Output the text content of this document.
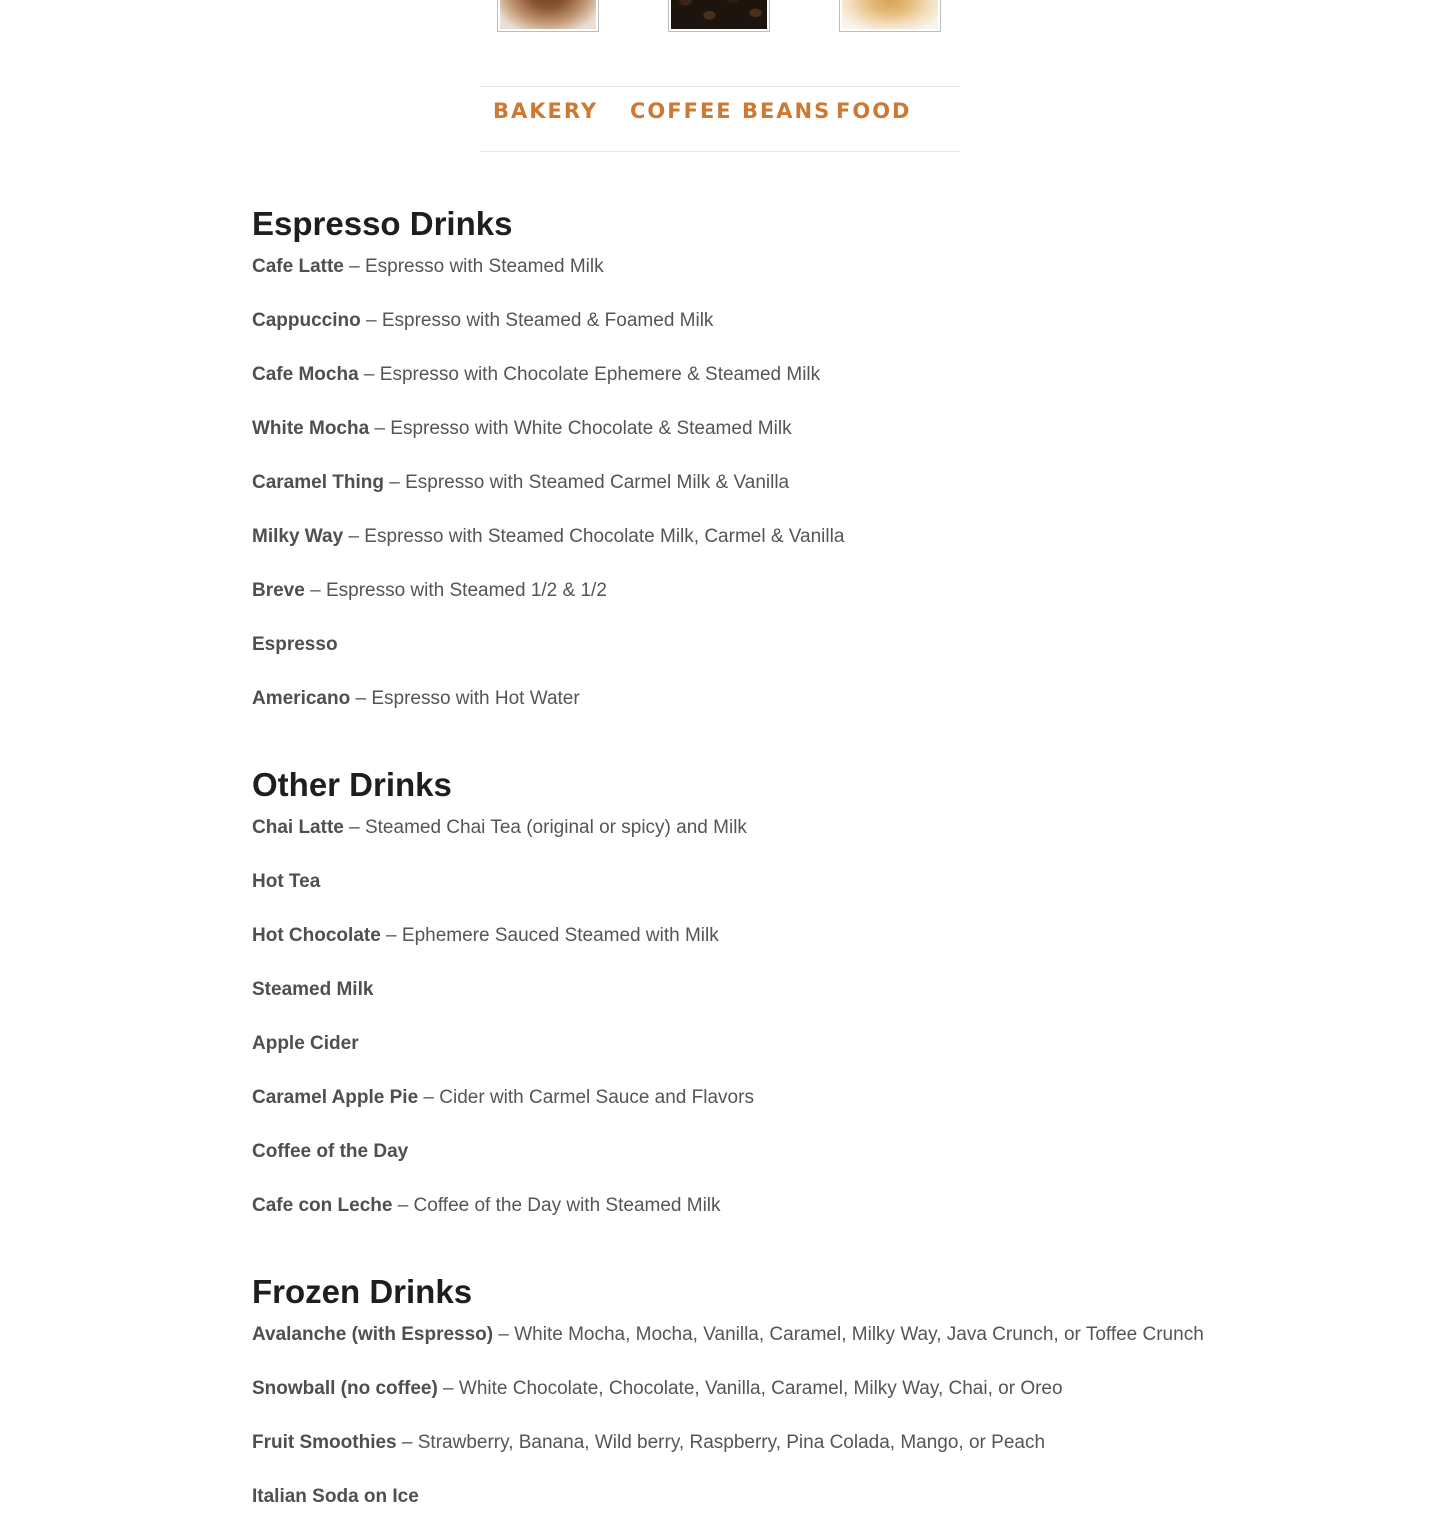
BAKERY COFFEE BEANS FOOD
Espresso Drinks
Cafe Latte – Espresso with Steamed Milk
Cappuccino – Espresso with Steamed & Foamed Milk
Cafe Mocha – Espresso with Chocolate Ephemere & Steamed Milk
White Mocha – Espresso with White Chocolate & Steamed Milk
Caramel Thing – Espresso with Steamed Carmel Milk & Vanilla
Milky Way – Espresso with Steamed Chocolate Milk, Carmel & Vanilla
Breve – Espresso with Steamed 1/2 & 1/2
Espresso
Americano – Espresso with Hot Water
Other Drinks
Chai Latte – Steamed Chai Tea (original or spicy) and Milk
Hot Tea
Hot Chocolate – Ephemere Sauced Steamed with Milk
Steamed Milk
Apple Cider
Caramel Apple Pie – Cider with Carmel Sauce and Flavors
Coffee of the Day
Cafe con Leche – Coffee of the Day with Steamed Milk
Frozen Drinks
Avalanche (with Espresso) – White Mocha, Mocha, Vanilla, Caramel, Milky Way, Java Crunch, or Toffee Crunch
Snowball (no coffee) – White Chocolate, Chocolate, Vanilla, Caramel, Milky Way, Chai, or Oreo
Fruit Smoothies – Strawberry, Banana, Wild berry, Raspberry, Pina Colada, Mango, or Peach
Italian Soda on Ice
